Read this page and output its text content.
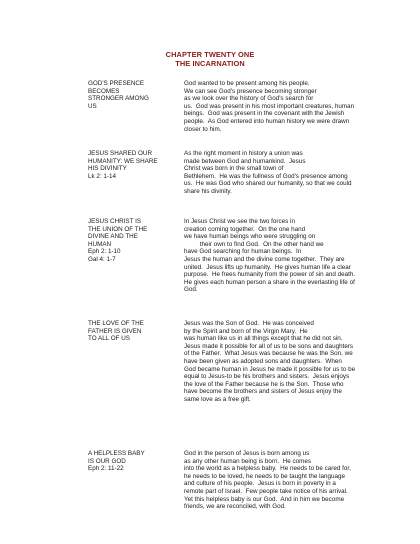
CHAPTER TWENTY ONE
THE INCARNATION
GOD'S PRESENCE
BECOMES
STRONGER AMONG
US
God wanted to be present among his people.
We can see God's presence becoming stronger
as we look over the history of God's search for
us.  God was present in his most important creatures, human
beings.  God was present in the covenant with the Jewish
people.  As God entered into human history we were drawn
closer to him.
JESUS SHARED OUR
HUMANITY: WE SHARE
HIS DIVINITY
Lk 2: 1-14
As the right moment in history a union was
made between God and humankind.  Jesus
Christ was born in the small town of
Bethlehem.  He was the fullness of God's presence among
us.  He was God who shared our humanity, so that we could
share his divinity.
JESUS CHRIST IS
THE UNION OF THE
DIVINE AND THE
HUMAN
Eph 2: 1-10
Gal 4: 1-7
In Jesus Christ we see the two forces in
creation coming together.  On the one hand
we have human beings who were struggling on
their own to find God.  On the other hand we
have God searching for human beings.  In
Jesus the human and the divine come together.  They are
united.  Jesus lifts up humanity.  He gives human life a clear
purpose.  He frees humanity from the power of sin and death.
He gives each human person a share in the everlasting life of
God.
THE LOVE OF THE
FATHER IS GIVEN
TO ALL OF US
Jesus was the Son of God.  He was conceived
by the Spirit and born of the Virgin Mary.  He
was human like us in all things except that he did not sin.
Jesus made it possible for all of us to be sons and daughters
of the Father.  What Jesus was because he was the Son, we
have been given as adopted sons and daughters.  When
God became human in Jesus he made it possible for us to be
equal to Jesus-to be his brothers and sisters.  Jesus enjoys
the love of the Father because he is the Son.  Those who
have become the brothers and sisters of Jesus enjoy the
same love as a free gift.
A HELPLESS BABY
IS OUR GOD
Eph 2: 11-22
God in the person of Jesus is born among us
as any other human being is born.  He comes
into the world as a helpless baby.  He needs to be cared for,
he needs to be loved, he needs to be taught the language
and culture of his people.  Jesus is born in poverty in a
remote part of Israel.  Few people take notice of his arrival.
Yet this helpless baby is our God.  And in him we become
friends, we are reconciled, with God.
